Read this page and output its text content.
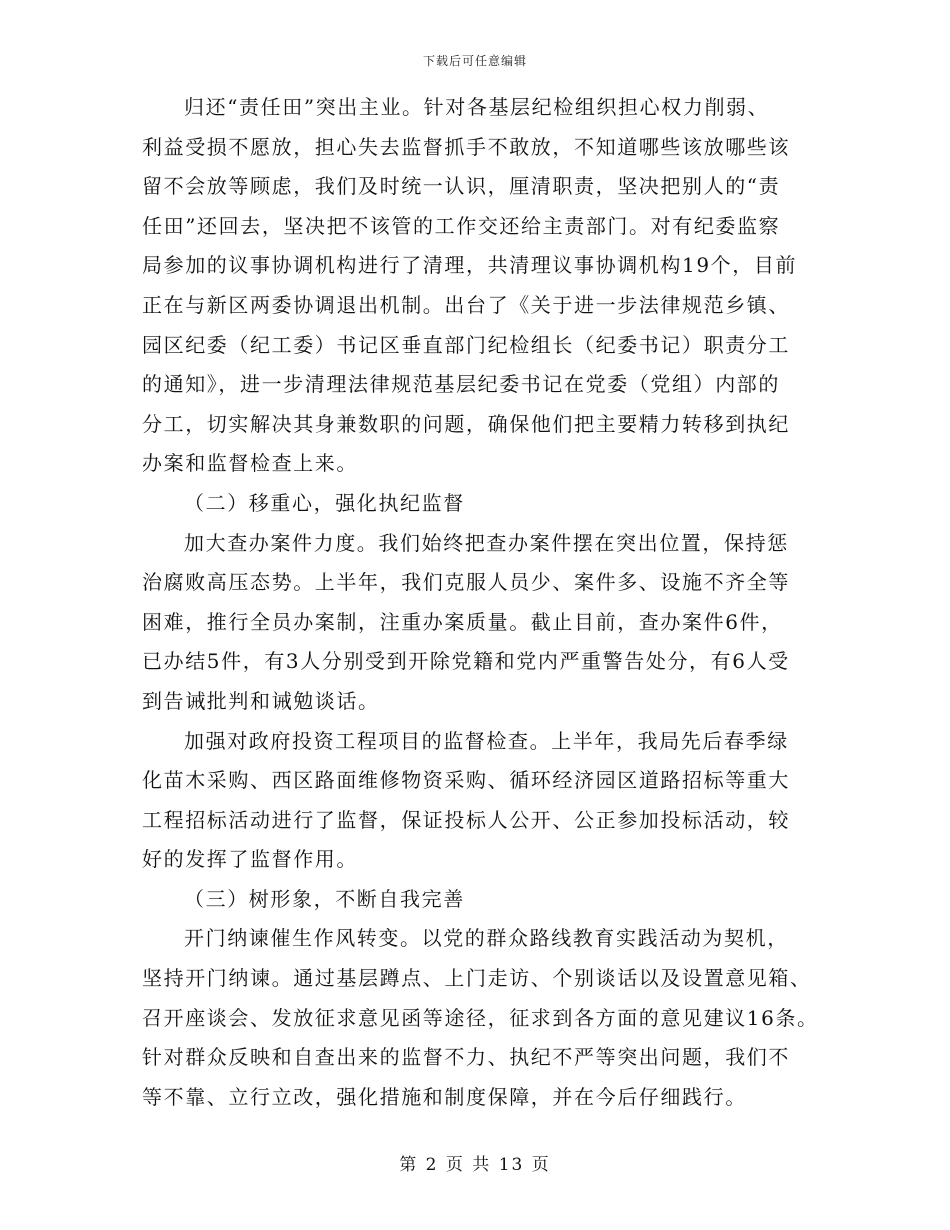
下载后可任意编辑
归还“责任田”突出主业。针对各基层纪检组织担心权力削弱、
利益受损不愿放，担心失去监督抓手不敢放，不知道哪些该放哪些该
留不会放等顾虑，我们及时统一认识，厘清职责，坚决把别人的“责
任田”还回去，坚决把不该管的工作交还给主责部门。对有纪委监察
局参加的议事协调机构进行了清理，共清理议事协调机构19个，目前
正在与新区两委协调退出机制。出台了《关于进一步法律规范乡镇、
园区纪委（纪工委）书记区垂直部门纪检组长（纪委书记）职责分工
的通知》，进一步清理法律规范基层纪委书记在党委（党组）内部的
分工，切实解决其身兼数职的问题，确保他们把主要精力转移到执纪
办案和监督检查上来。
（二）移重心，强化执纪监督
加大查办案件力度。我们始终把查办案件摆在突出位置，保持惩
治腐败高压态势。上半年，我们克服人员少、案件多、设施不齐全等
困难，推行全员办案制，注重办案质量。截止目前，查办案件6件，
已办结5件，有3人分别受到开除党籍和党内严重警告处分，有6人受
到告诫批判和诫勉谈话。
加强对政府投资工程项目的监督检查。上半年，我局先后春季绿
化苗木采购、西区路面维修物资采购、循环经济园区道路招标等重大
工程招标活动进行了监督，保证投标人公开、公正参加投标活动，较
好的发挥了监督作用。
（三）树形象，不断自我完善
开门纳谏催生作风转变。以党的群众路线教育实践活动为契机，
坚持开门纳谏。通过基层蹲点、上门走访、个别谈话以及设置意见箱、
召开座谈会、发放征求意见函等途径，征求到各方面的意见建议16条。
针对群众反映和自查出来的监督不力、执纪不严等突出问题，我们不
等不靠、立行立改，强化措施和制度保障，并在今后仔细践行。
第 2 页 共 13 页
